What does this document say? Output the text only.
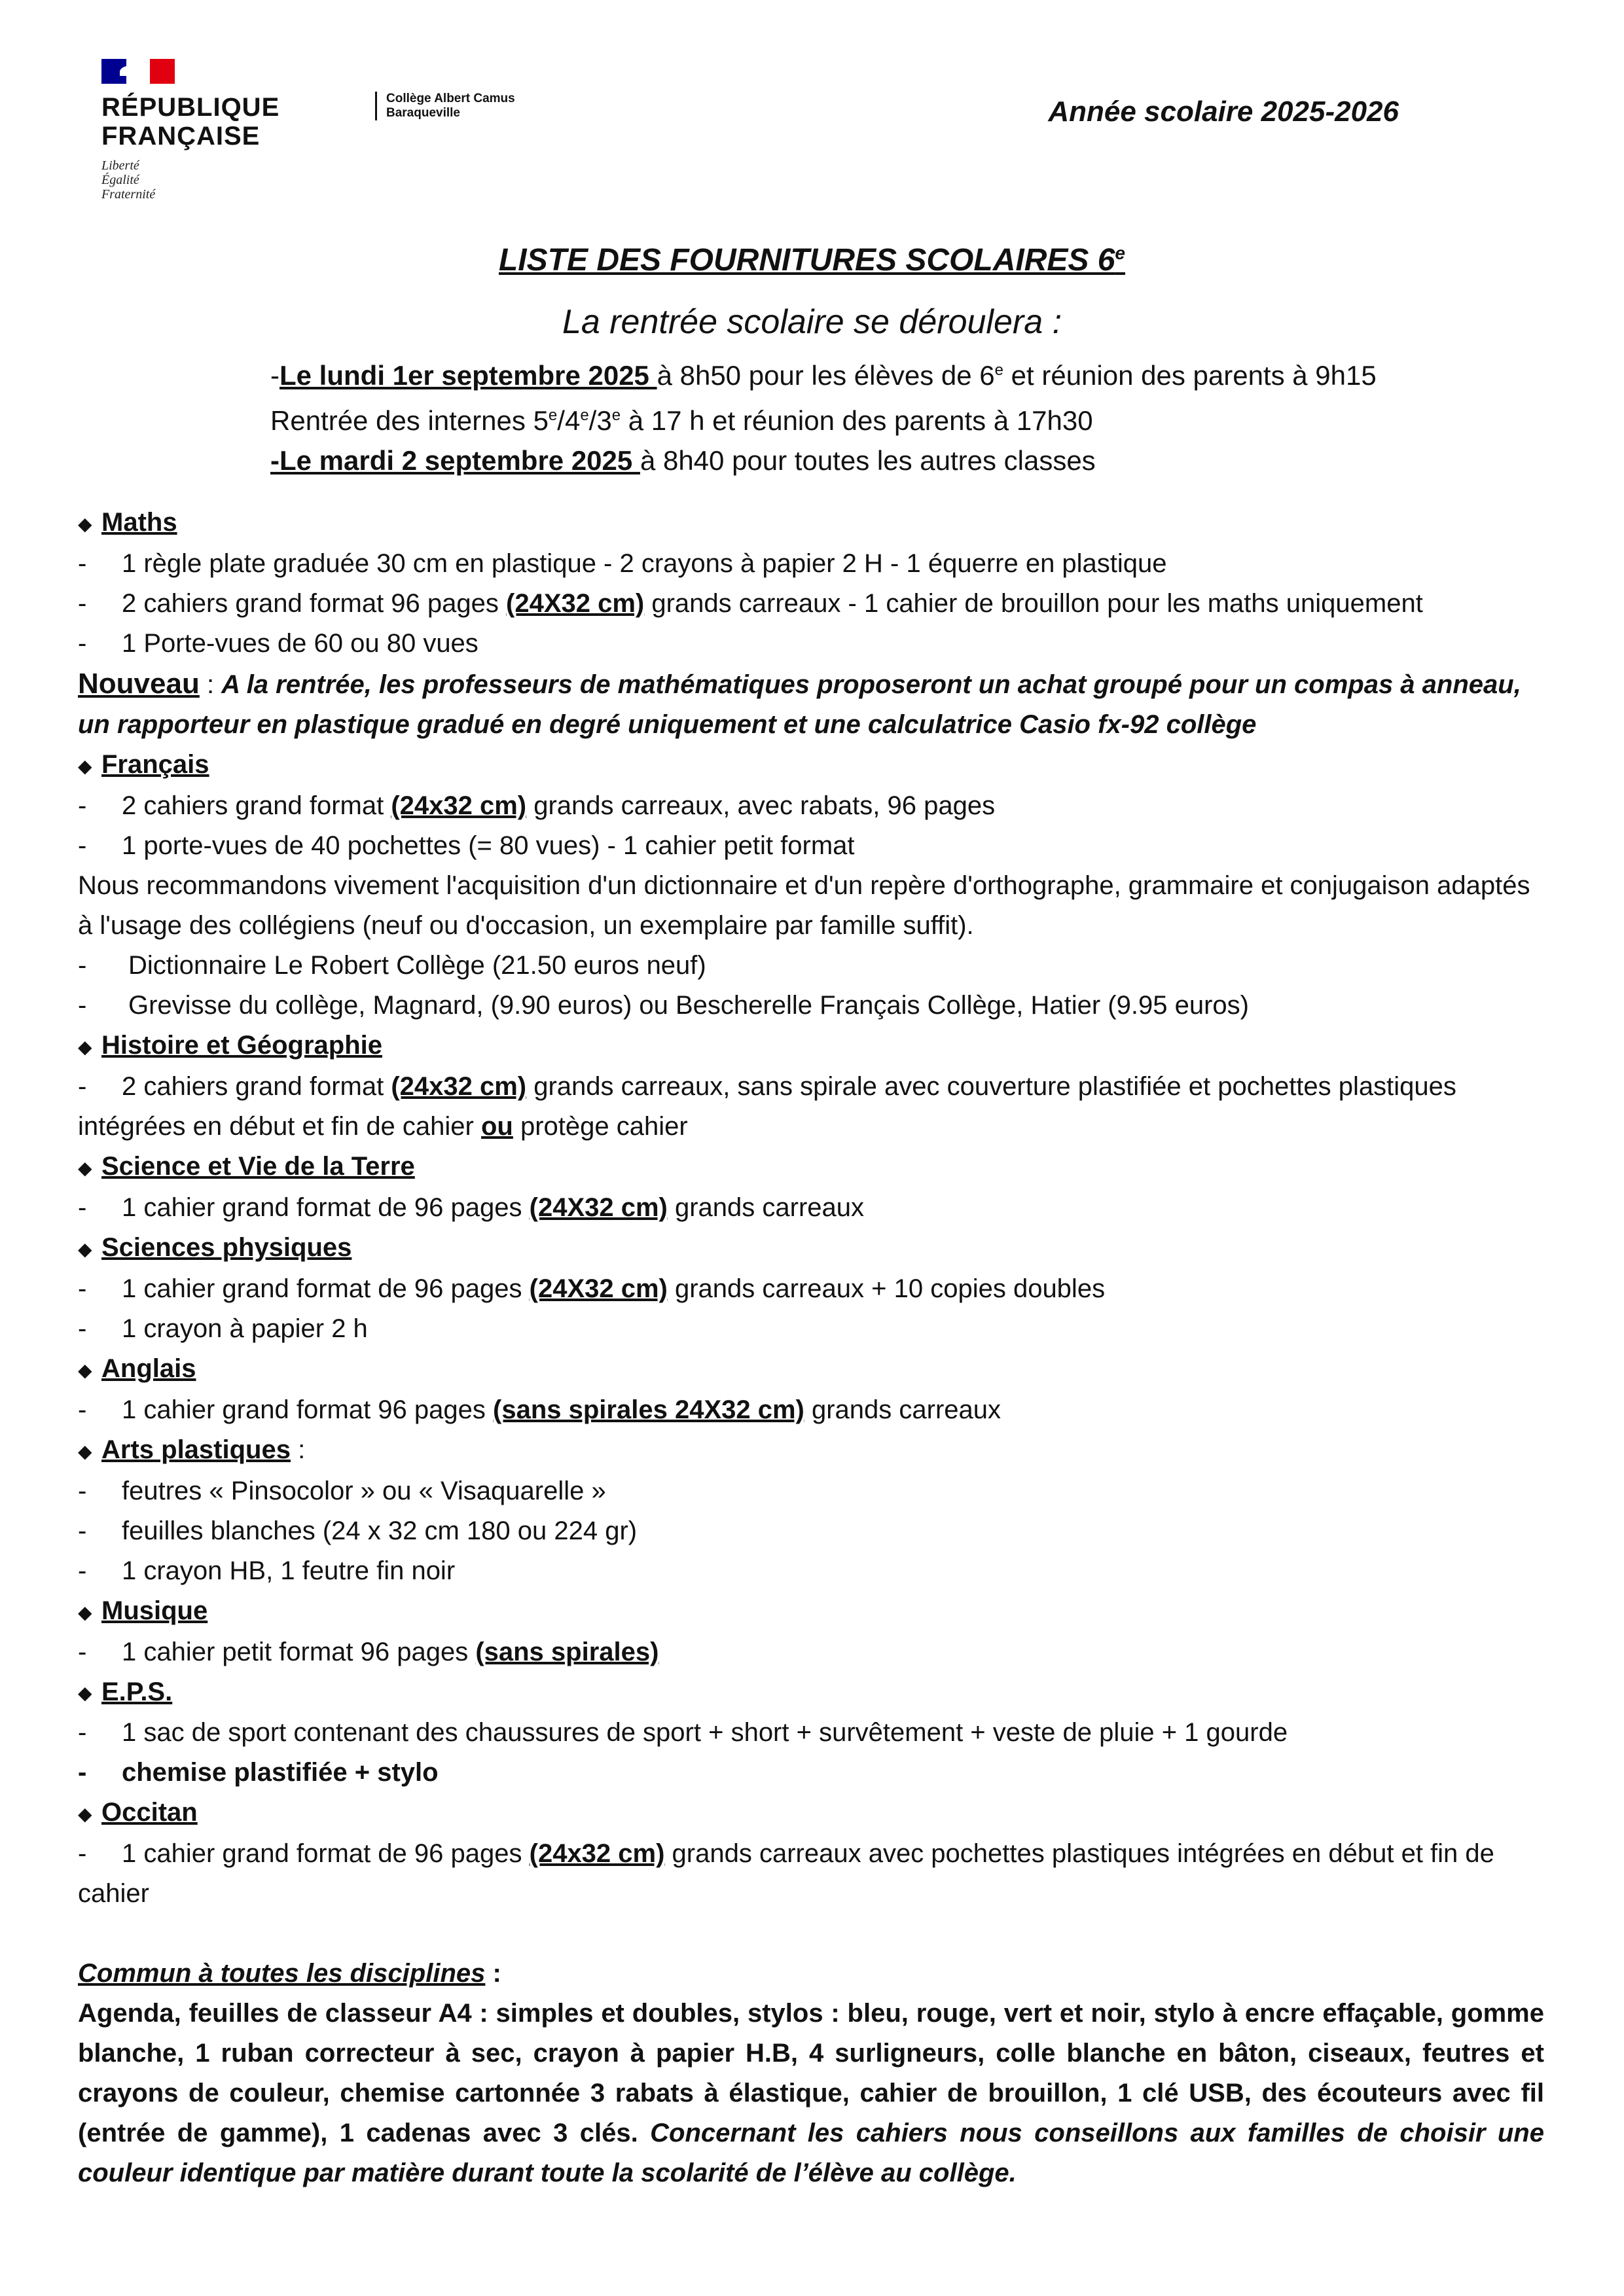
RÉPUBLIQUE
FRANÇAISE
Liberté
Égalité
Fraternité
Collège Albert Camus
Baraqueville	Année scolaire 2025-2026
LISTE DES FOURNITURES SCOLAIRES 6e
La rentrée scolaire se déroulera :
-Le lundi 1er septembre 2025 à 8h50 pour les élèves de 6e et réunion des parents à 9h15
Rentrée des internes 5e/4e/3e à 17 h et réunion des parents à 17h30
-Le mardi 2 septembre 2025 à 8h40 pour toutes les autres classes
◆ Maths
- 1 règle plate graduée 30 cm en plastique - 2 crayons à papier 2 H - 1 équerre en plastique
- 2 cahiers grand format 96 pages (24X32 cm) grands carreaux - 1 cahier de brouillon pour les maths uniquement
- 1 Porte-vues de 60 ou 80 vues
Nouveau : A la rentrée, les professeurs de mathématiques proposeront un achat groupé pour un compas à anneau, un rapporteur en plastique gradué en degré uniquement et une calculatrice Casio fx-92 collège
◆ Français
- 2 cahiers grand format (24x32 cm) grands carreaux, avec rabats, 96 pages
- 1 porte-vues de 40 pochettes (= 80 vues) - 1 cahier petit format
Nous recommandons vivement l'acquisition d'un dictionnaire et d'un repère d'orthographe, grammaire et conjugaison adaptés à l'usage des collégiens (neuf ou d'occasion, un exemplaire par famille suffit).
- Dictionnaire Le Robert Collège (21.50 euros neuf)
- Grevisse du collège, Magnard, (9.90 euros) ou Bescherelle Français Collège, Hatier (9.95 euros)
◆ Histoire et Géographie
- 2 cahiers grand format (24x32 cm) grands carreaux, sans spirale avec couverture plastifiée et pochettes plastiques intégrées en début et fin de cahier ou protège cahier
◆ Science et Vie de la Terre
- 1 cahier grand format de 96 pages (24X32 cm) grands carreaux
◆ Sciences physiques
- 1 cahier grand format de 96 pages (24X32 cm) grands carreaux + 10 copies doubles
- 1 crayon à papier 2 h
◆ Anglais
- 1 cahier grand format 96 pages (sans spirales 24X32 cm) grands carreaux
◆ Arts plastiques :
- feutres « Pinsocolor » ou « Visaquarelle »
- feuilles blanches (24 x 32 cm 180 ou 224 gr)
- 1 crayon HB, 1 feutre fin noir
◆ Musique
- 1 cahier petit format 96 pages (sans spirales)
◆ E.P.S.
- 1 sac de sport contenant des chaussures de sport + short + survêtement + veste de pluie + 1 gourde
- chemise plastifiée + stylo
◆ Occitan
- 1 cahier grand format de 96 pages (24x32 cm) grands carreaux avec pochettes plastiques intégrées en début et fin de cahier
Commun à toutes les disciplines :
Agenda, feuilles de classeur A4 : simples et doubles, stylos : bleu, rouge, vert et noir, stylo à encre effaçable, gomme blanche, 1 ruban correcteur à sec, crayon à papier H.B, 4 surligneurs, colle blanche en bâton, ciseaux, feutres et crayons de couleur, chemise cartonnée 3 rabats à élastique, cahier de brouillon, 1 clé USB, des écouteurs avec fil (entrée de gamme), 1 cadenas avec 3 clés. Concernant les cahiers nous conseillons aux familles de choisir une couleur identique par matière durant toute la scolarité de l’élève au collège.
